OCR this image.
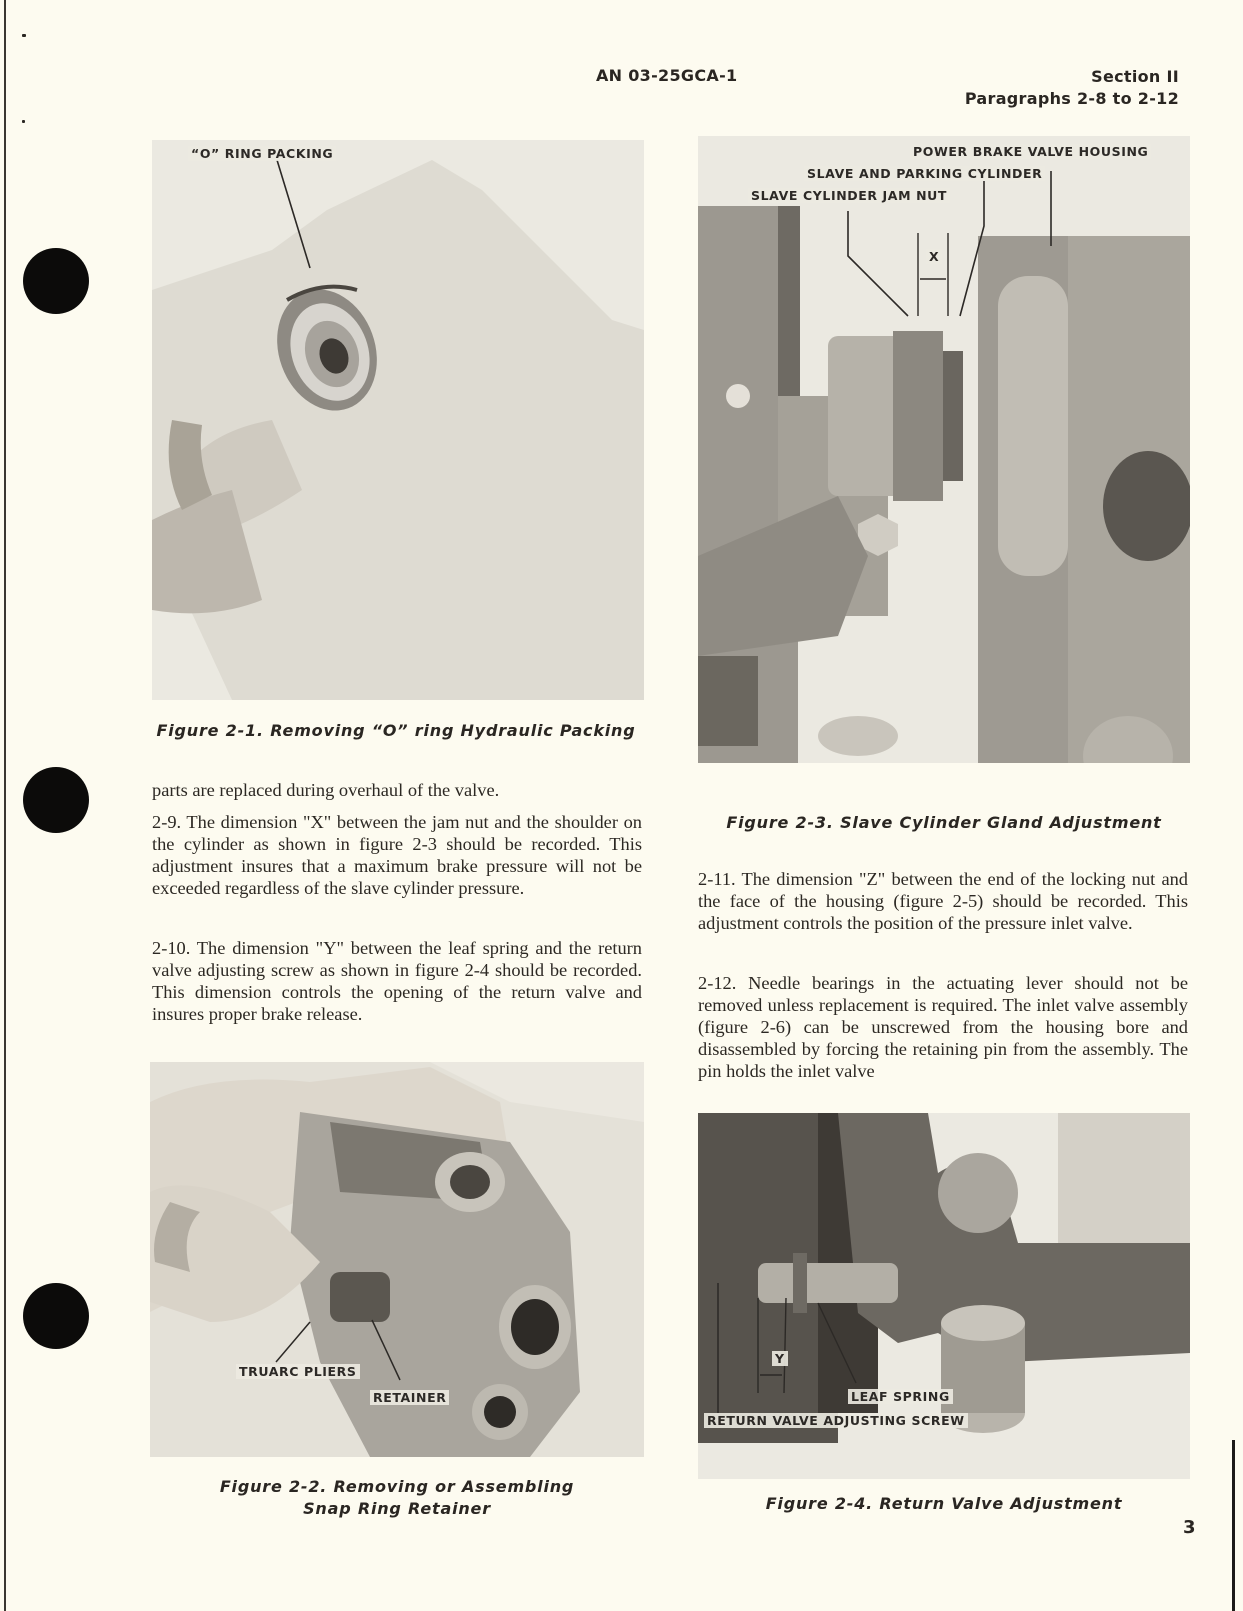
AN 03-25GCA-1	Section II
Paragraphs 2-8 to 2-12
“O” RING PACKING
Figure 2-1. Removing “O” ring Hydraulic Packing
parts are replaced during overhaul of the valve.
2-9. The dimension "X" between the jam nut and the shoulder on the cylinder as shown in figure 2-3 should be recorded. This adjustment insures that a maximum brake pressure will not be exceeded regardless of the slave cylinder pressure.
2-10. The dimension "Y" between the leaf spring and the return valve adjusting screw as shown in figure 2-4 should be recorded. This dimension controls the opening of the return valve and insures proper brake release.
TRUARC PLIERS
RETAINER
Figure 2-2. Removing or Assembling
Snap Ring Retainer
POWER BRAKE VALVE HOUSING
SLAVE AND PARKING CYLINDER
SLAVE CYLINDER JAM NUT
X
Figure 2-3. Slave Cylinder Gland Adjustment
2-11. The dimension "Z" between the end of the locking nut and the face of the housing (figure 2-5) should be recorded. This adjustment controls the position of the pressure inlet valve.
2-12. Needle bearings in the actuating lever should not be removed unless replacement is required. The inlet valve assembly (figure 2-6) can be unscrewed from the housing bore and disassembled by forcing the retaining pin from the assembly. The pin holds the inlet valve
Y
LEAF SPRING
RETURN VALVE ADJUSTING SCREW
Figure 2-4. Return Valve Adjustment
3
